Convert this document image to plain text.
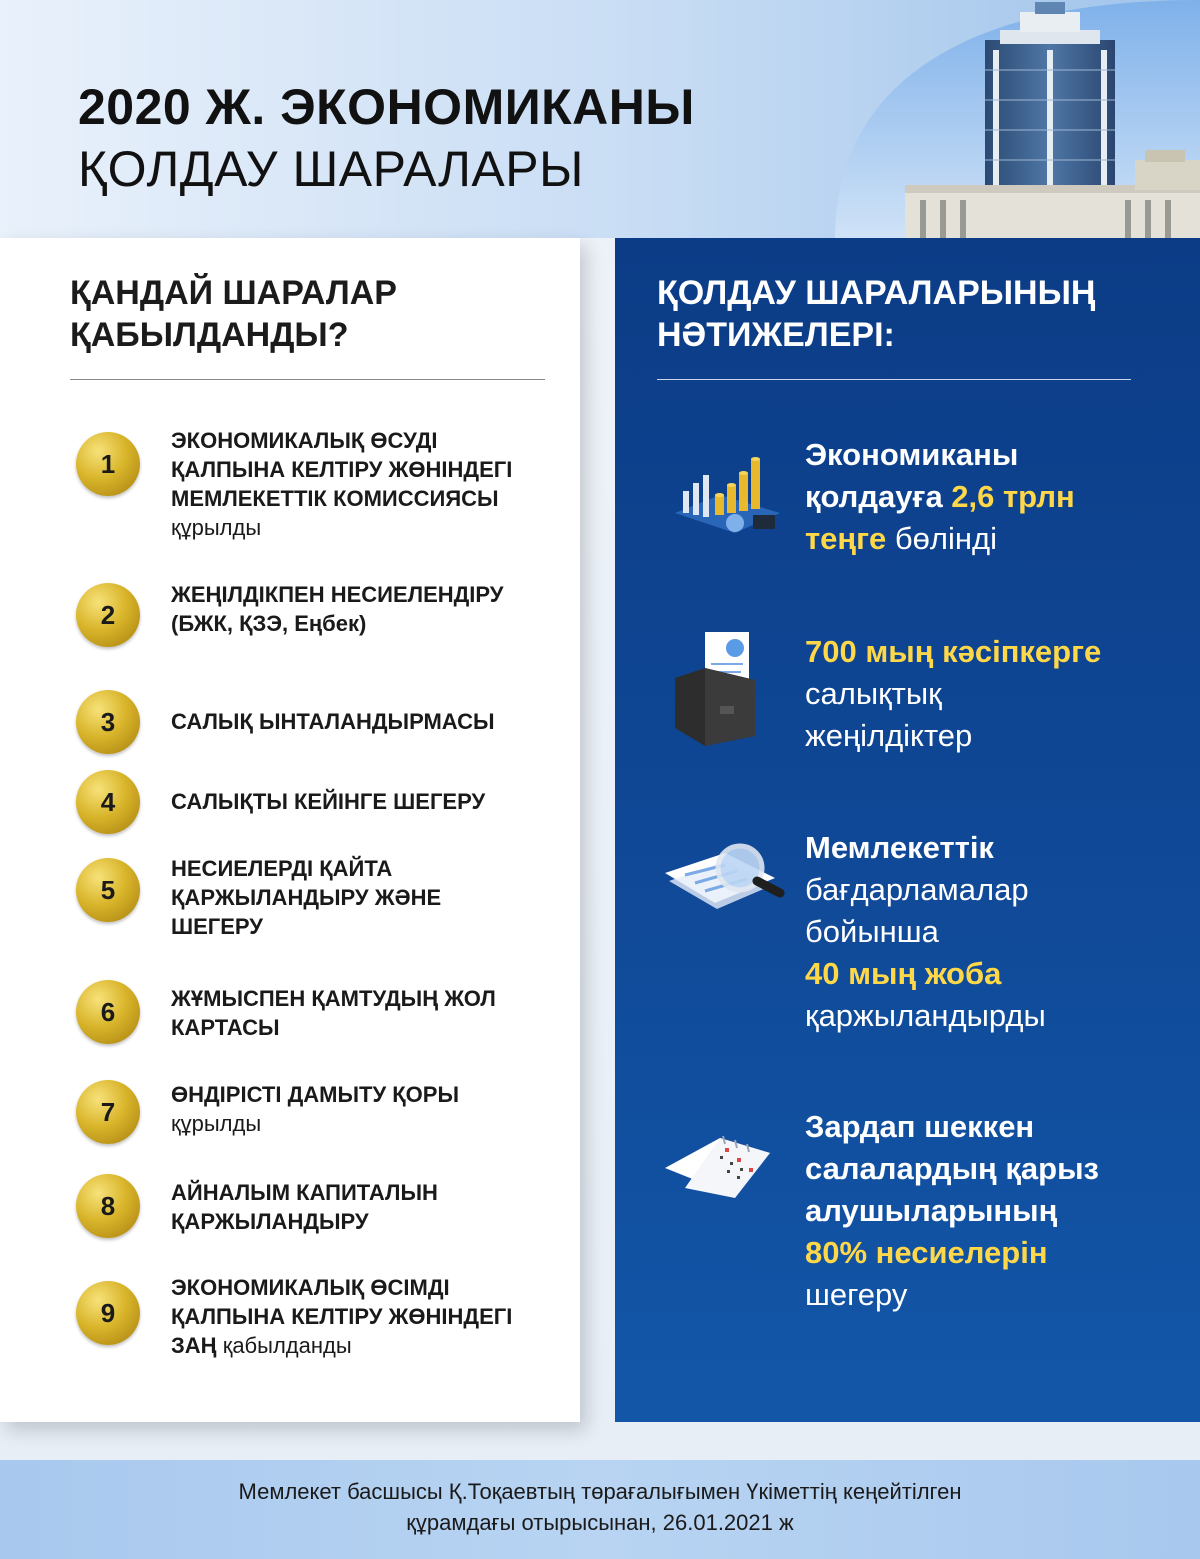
2020 Ж. ЭКОНОМИКАНЫ
ҚОЛДАУ ШАРАЛАРЫ
ҚАНДАЙ ШАРАЛАР
ҚАБЫЛДАНДЫ?
1
ЭКОНОМИКАЛЫҚ ӨСУДІ ҚАЛПЫНА КЕЛТІРУ ЖӨНІНДЕГІ МЕМЛЕКЕТТІК КОМИССИЯСЫ құрылды
2
ЖЕҢІЛДІКПЕН НЕСИЕЛЕНДІРУ (БЖК, ҚЗЭ, Еңбек)
3	САЛЫҚ ЫНТАЛАНДЫРМАСЫ
4	САЛЫҚТЫ КЕЙІНГЕ ШЕГЕРУ
5
НЕСИЕЛЕРДІ ҚАЙТА ҚАРЖЫЛАНДЫРУ ЖӘНЕ ШЕГЕРУ
6	ЖҰМЫСПЕН ҚАМТУДЫҢ ЖОЛ КАРТАСЫ
7
ӨНДІРІСТІ ДАМЫТУ ҚОРЫ
құрылды
8	АЙНАЛЫМ КАПИТАЛЫН ҚАРЖЫЛАНДЫРУ
9
ЭКОНОМИКАЛЫҚ ӨСІМДІ ҚАЛПЫНА КЕЛТІРУ ЖӨНІНДЕГІ ЗАҢ қабылданды
ҚОЛДАУ ШАРАЛАРЫНЫҢ
НӘТИЖЕЛЕРІ:
Экономиканы
қолдауға 2,6 трлн
теңге бөлінді
700 мың кәсіпкерге
салықтық
жеңілдіктер
Мемлекеттік
бағдарламалар
бойынша
40 мың жоба
қаржыландырды
Зардап шеккен
салалардың қарыз
алушыларының
80% несиелерін
шегеру
Мемлекет басшысы Қ.Тоқаевтың төрағалығымен Үкіметтің кеңейтілген
құрамдағы отырысынан, 26.01.2021 ж
